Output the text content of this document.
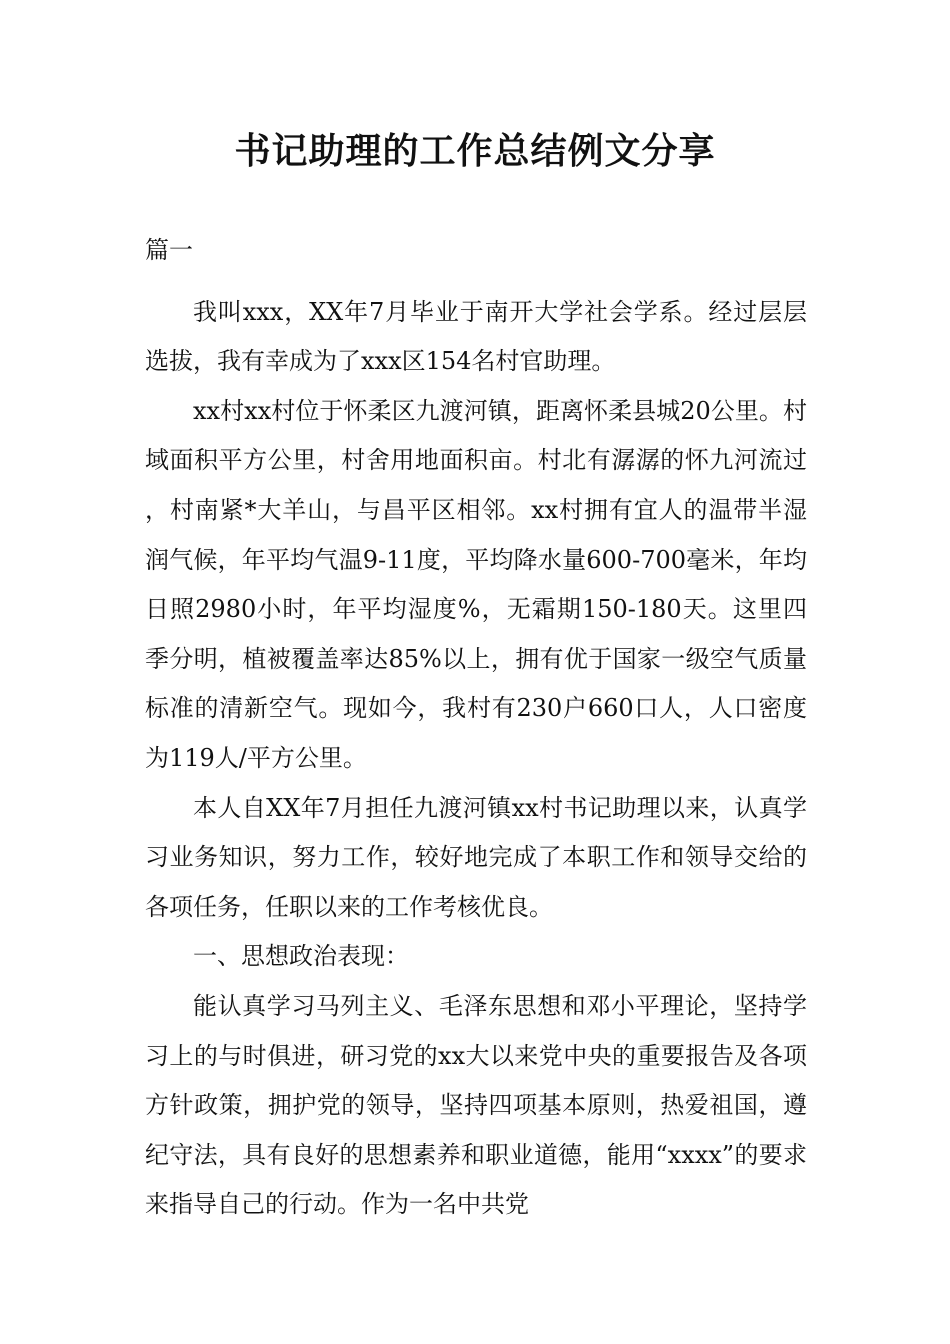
书记助理的工作总结例文分享

篇一

我叫xxx，XX年7月毕业于南开大学社会学系。经过层层选拔，我有幸成为了xxx区154名村官助理。

xx村xx村位于怀柔区九渡河镇，距离怀柔县城20公里。村域面积平方公里，村舍用地面积亩。村北有潺潺的怀九河流过，村南紧*大羊山，与昌平区相邻。xx村拥有宜人的温带半湿润气候，年平均气温9-11度，平均降水量600-700毫米，年均日照2980小时，年平均湿度%，无霜期150-180天。这里四季分明，植被覆盖率达85%以上，拥有优于国家一级空气质量标准的清新空气。现如今，我村有230户660口人，人口密度为119人/平方公里。

本人自XX年7月担任九渡河镇xx村书记助理以来，认真学习业务知识，努力工作，较好地完成了本职工作和领导交给的各项任务，任职以来的工作考核优良。

一、思想政治表现：

能认真学习马列主义、毛泽东思想和邓小平理论，坚持学习上的与时俱进，研习党的xx大以来党中央的重要报告及各项方针政策，拥护党的领导，坚持四项基本原则，热爱祖国，遵纪守法，具有良好的思想素养和职业道德，能用“xxxx”的要求来指导自己的行动。作为一名中共党
